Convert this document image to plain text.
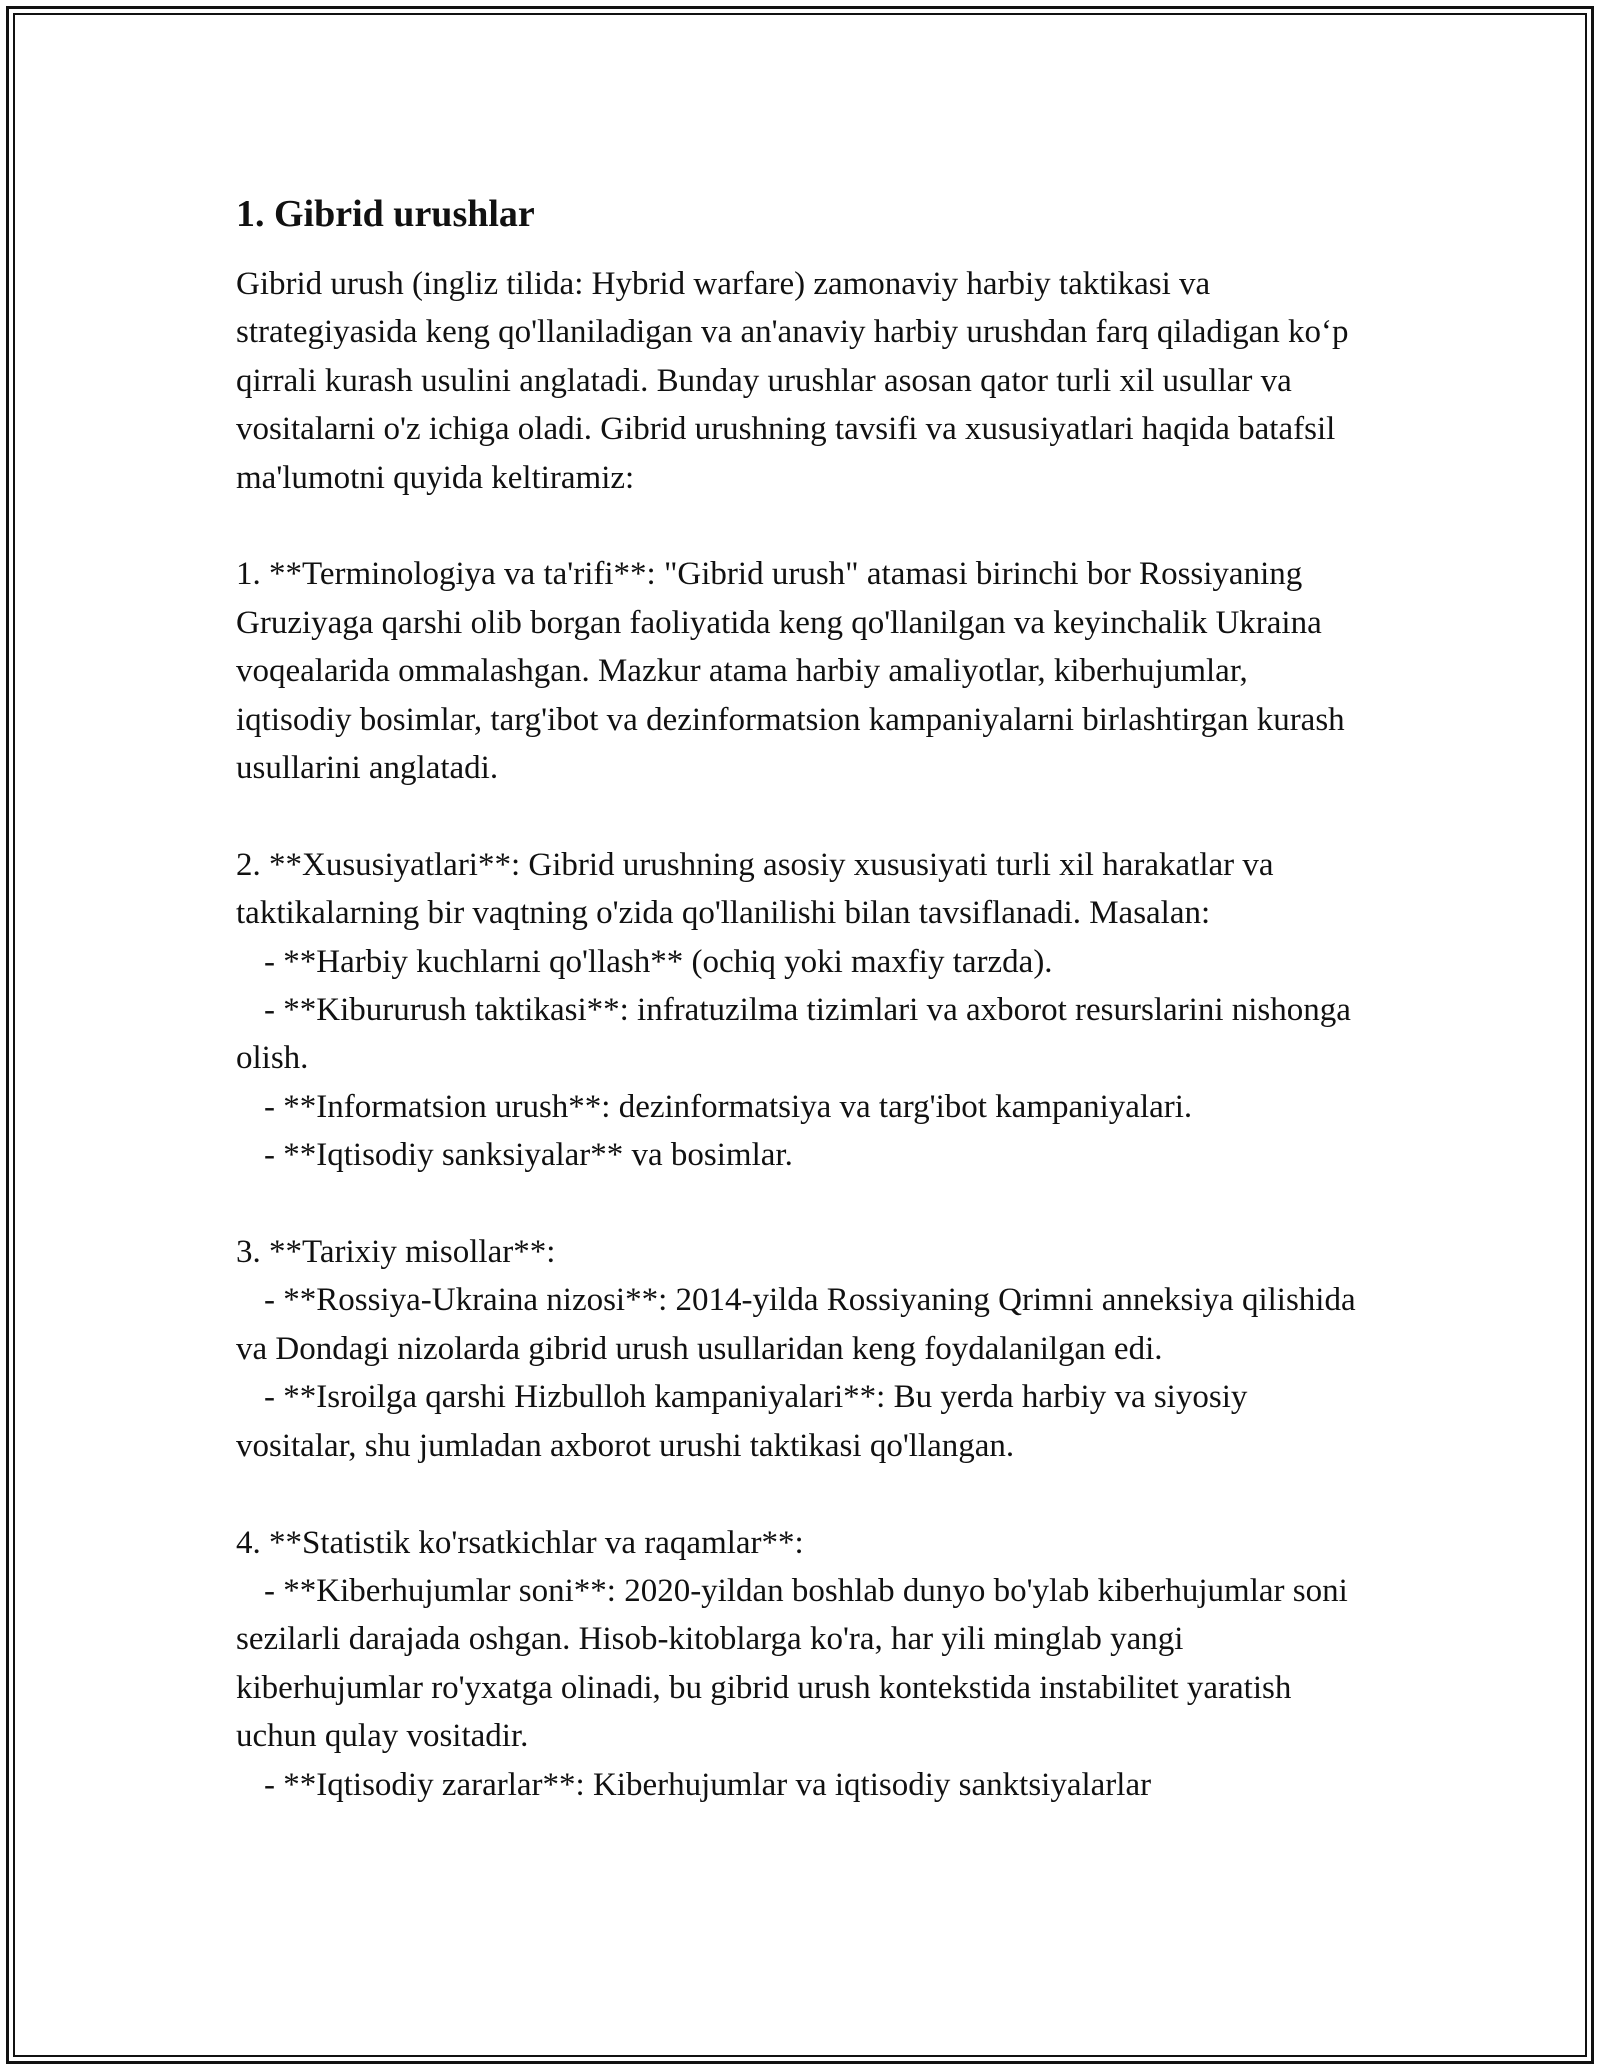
1. Gibrid urushlar

Gibrid urush (ingliz tilida: Hybrid warfare) zamonaviy harbiy taktikasi va strategiyasida keng qo'llaniladigan va an'anaviy harbiy urushdan farq qiladigan ko‘p qirrali kurash usulini anglatadi. Bunday urushlar asosan qator turli xil usullar va vositalarni o'z ichiga oladi. Gibrid urushning tavsifi va xususiyatlari haqida batafsil ma'lumotni quyida keltiramiz:

1. **Terminologiya va ta'rifi**: "Gibrid urush" atamasi birinchi bor Rossiyaning Gruziyaga qarshi olib borgan faoliyatida keng qo'llanilgan va keyinchalik Ukraina voqealarida ommalashgan. Mazkur atama harbiy amaliyotlar, kiberhujumlar, iqtisodiy bosimlar, targ'ibot va dezinformatsion kampaniyalarni birlashtirgan kurash usullarini anglatadi.

2. **Xususiyatlari**: Gibrid urushning asosiy xususiyati turli xil harakatlar va taktikalarning bir vaqtning o'zida qo'llanilishi bilan tavsiflanadi. Masalan:

- **Harbiy kuchlarni qo'llash** (ochiq yoki maxfiy tarzda).

- **Kibururush taktikasi**: infratuzilma tizimlari va axborot resurslarini nishonga olish.

- **Informatsion urush**: dezinformatsiya va targ'ibot kampaniyalari.

- **Iqtisodiy sanksiyalar** va bosimlar.

3. **Tarixiy misollar**:

- **Rossiya-Ukraina nizosi**: 2014-yilda Rossiyaning Qrimni anneksiya qilishida va Dondagi nizolarda gibrid urush usullaridan keng foydalanilgan edi.

- **Isroilga qarshi Hizbulloh kampaniyalari**: Bu yerda harbiy va siyosiy vositalar, shu jumladan axborot urushi taktikasi qo'llangan.

4. **Statistik ko'rsatkichlar va raqamlar**:

- **Kiberhujumlar soni**: 2020-yildan boshlab dunyo bo'ylab kiberhujumlar soni sezilarli darajada oshgan. Hisob-kitoblarga ko'ra, har yili minglab yangi kiberhujumlar ro'yxatga olinadi, bu gibrid urush kontekstida instabilitet yaratish uchun qulay vositadir.

- **Iqtisodiy zararlar**: Kiberhujumlar va iqtisodiy sanktsiyalarlar
